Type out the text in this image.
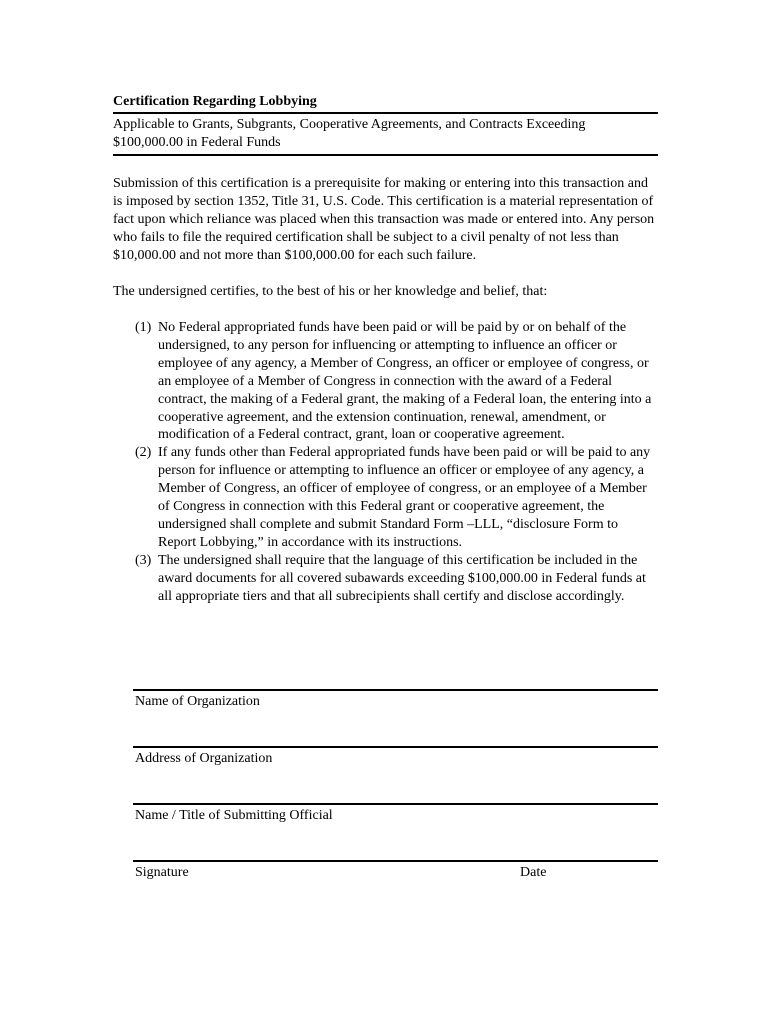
Certification Regarding Lobbying
Applicable to Grants, Subgrants, Cooperative Agreements, and Contracts Exceeding $100,000.00 in Federal Funds

Submission of this certification is a prerequisite for making or entering into this transaction and is imposed by section 1352, Title 31, U.S. Code. This certification is a material representation of fact upon which reliance was placed when this transaction was made or entered into. Any person who fails to file the required certification shall be subject to a civil penalty of not less than $10,000.00 and not more than $100,000.00 for each such failure.

The undersigned certifies, to the best of his or her knowledge and belief, that:

(1) No Federal appropriated funds have been paid or will be paid by or on behalf of the undersigned, to any person for influencing or attempting to influence an officer or employee of any agency, a Member of Congress, an officer or employee of congress, or an employee of a Member of Congress in connection with the award of a Federal contract, the making of a Federal grant, the making of a Federal loan, the entering into a cooperative agreement, and the extension continuation, renewal, amendment, or modification of a Federal contract, grant, loan or cooperative agreement.
(2) If any funds other than Federal appropriated funds have been paid or will be paid to any person for influence or attempting to influence an officer or employee of any agency, a Member of Congress, an officer of employee of congress, or an employee of a Member of Congress in connection with this Federal grant or cooperative agreement, the undersigned shall complete and submit Standard Form –LLL, “disclosure Form to Report Lobbying,” in accordance with its instructions.
(3) The undersigned shall require that the language of this certification be included in the award documents for all covered subawards exceeding $100,000.00 in Federal funds at all appropriate tiers and that all subrecipients shall certify and disclose accordingly.
Name of Organization
Address of Organization
Name / Title of Submitting Official
Signature	Date
